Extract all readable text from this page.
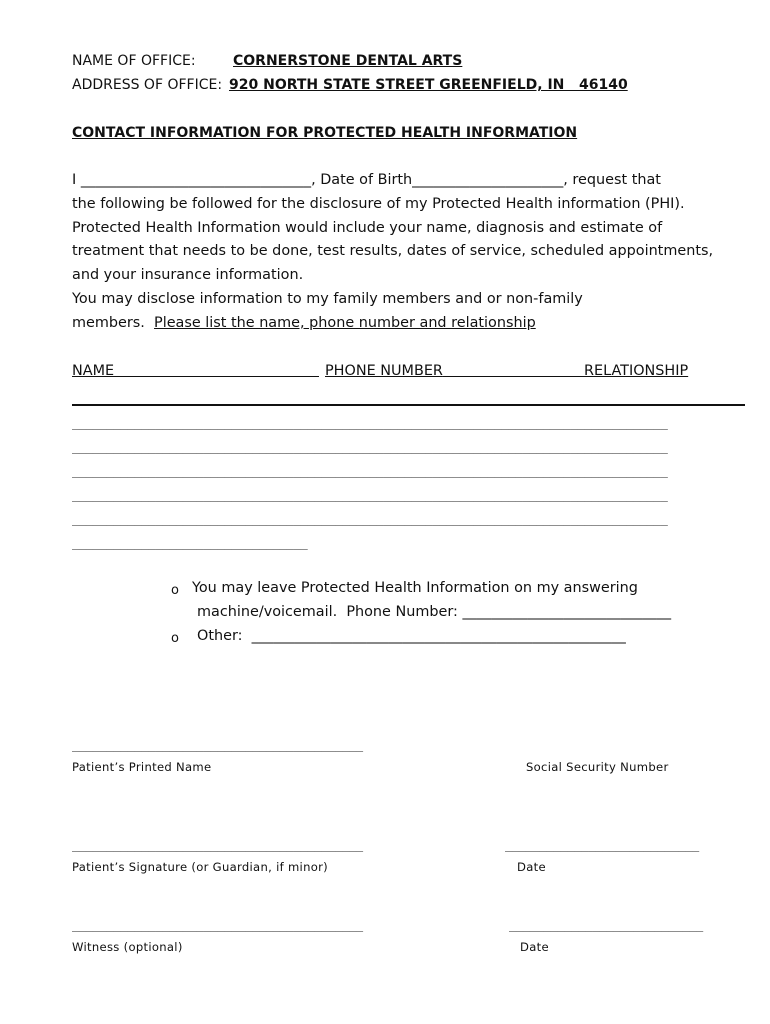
NAME OF OFFICE:	CORNERSTONE DENTAL ARTS
ADDRESS OF OFFICE: 920 NORTH STATE STREET GREENFIELD, IN   46140
CONTACT INFORMATION FOR PROTECTED HEALTH INFORMATION
I ________________________________, Date of Birth_____________________, request that
the following be followed for the disclosure of my Protected Health information (PHI).
Protected Health Information would include your name, diagnosis and estimate of
treatment that needs to be done, test results, dates of service, scheduled appointments,
and your insurance information.
You may disclose information to my family members and or non-family
members.  Please list the name, phone number and relationship
NAME	PHONE NUMBER	RELATIONSHIP
______________________________________________________________________________________
______________________________________________________________________________________
______________________________________________________________________________________
______________________________________________________________________________________
______________________________________________________________________________________
__________________________________
o You may leave Protected Health Information on my answering
machine/voicemail.  Phone Number: _____________________________
o Other:  ____________________________________________________
__________________________________________
Patient’s Printed Name	Social Security Number
__________________________________________	____________________________
Patient’s Signature (or Guardian, if minor)	Date
__________________________________________	____________________________
Witness (optional)	Date
